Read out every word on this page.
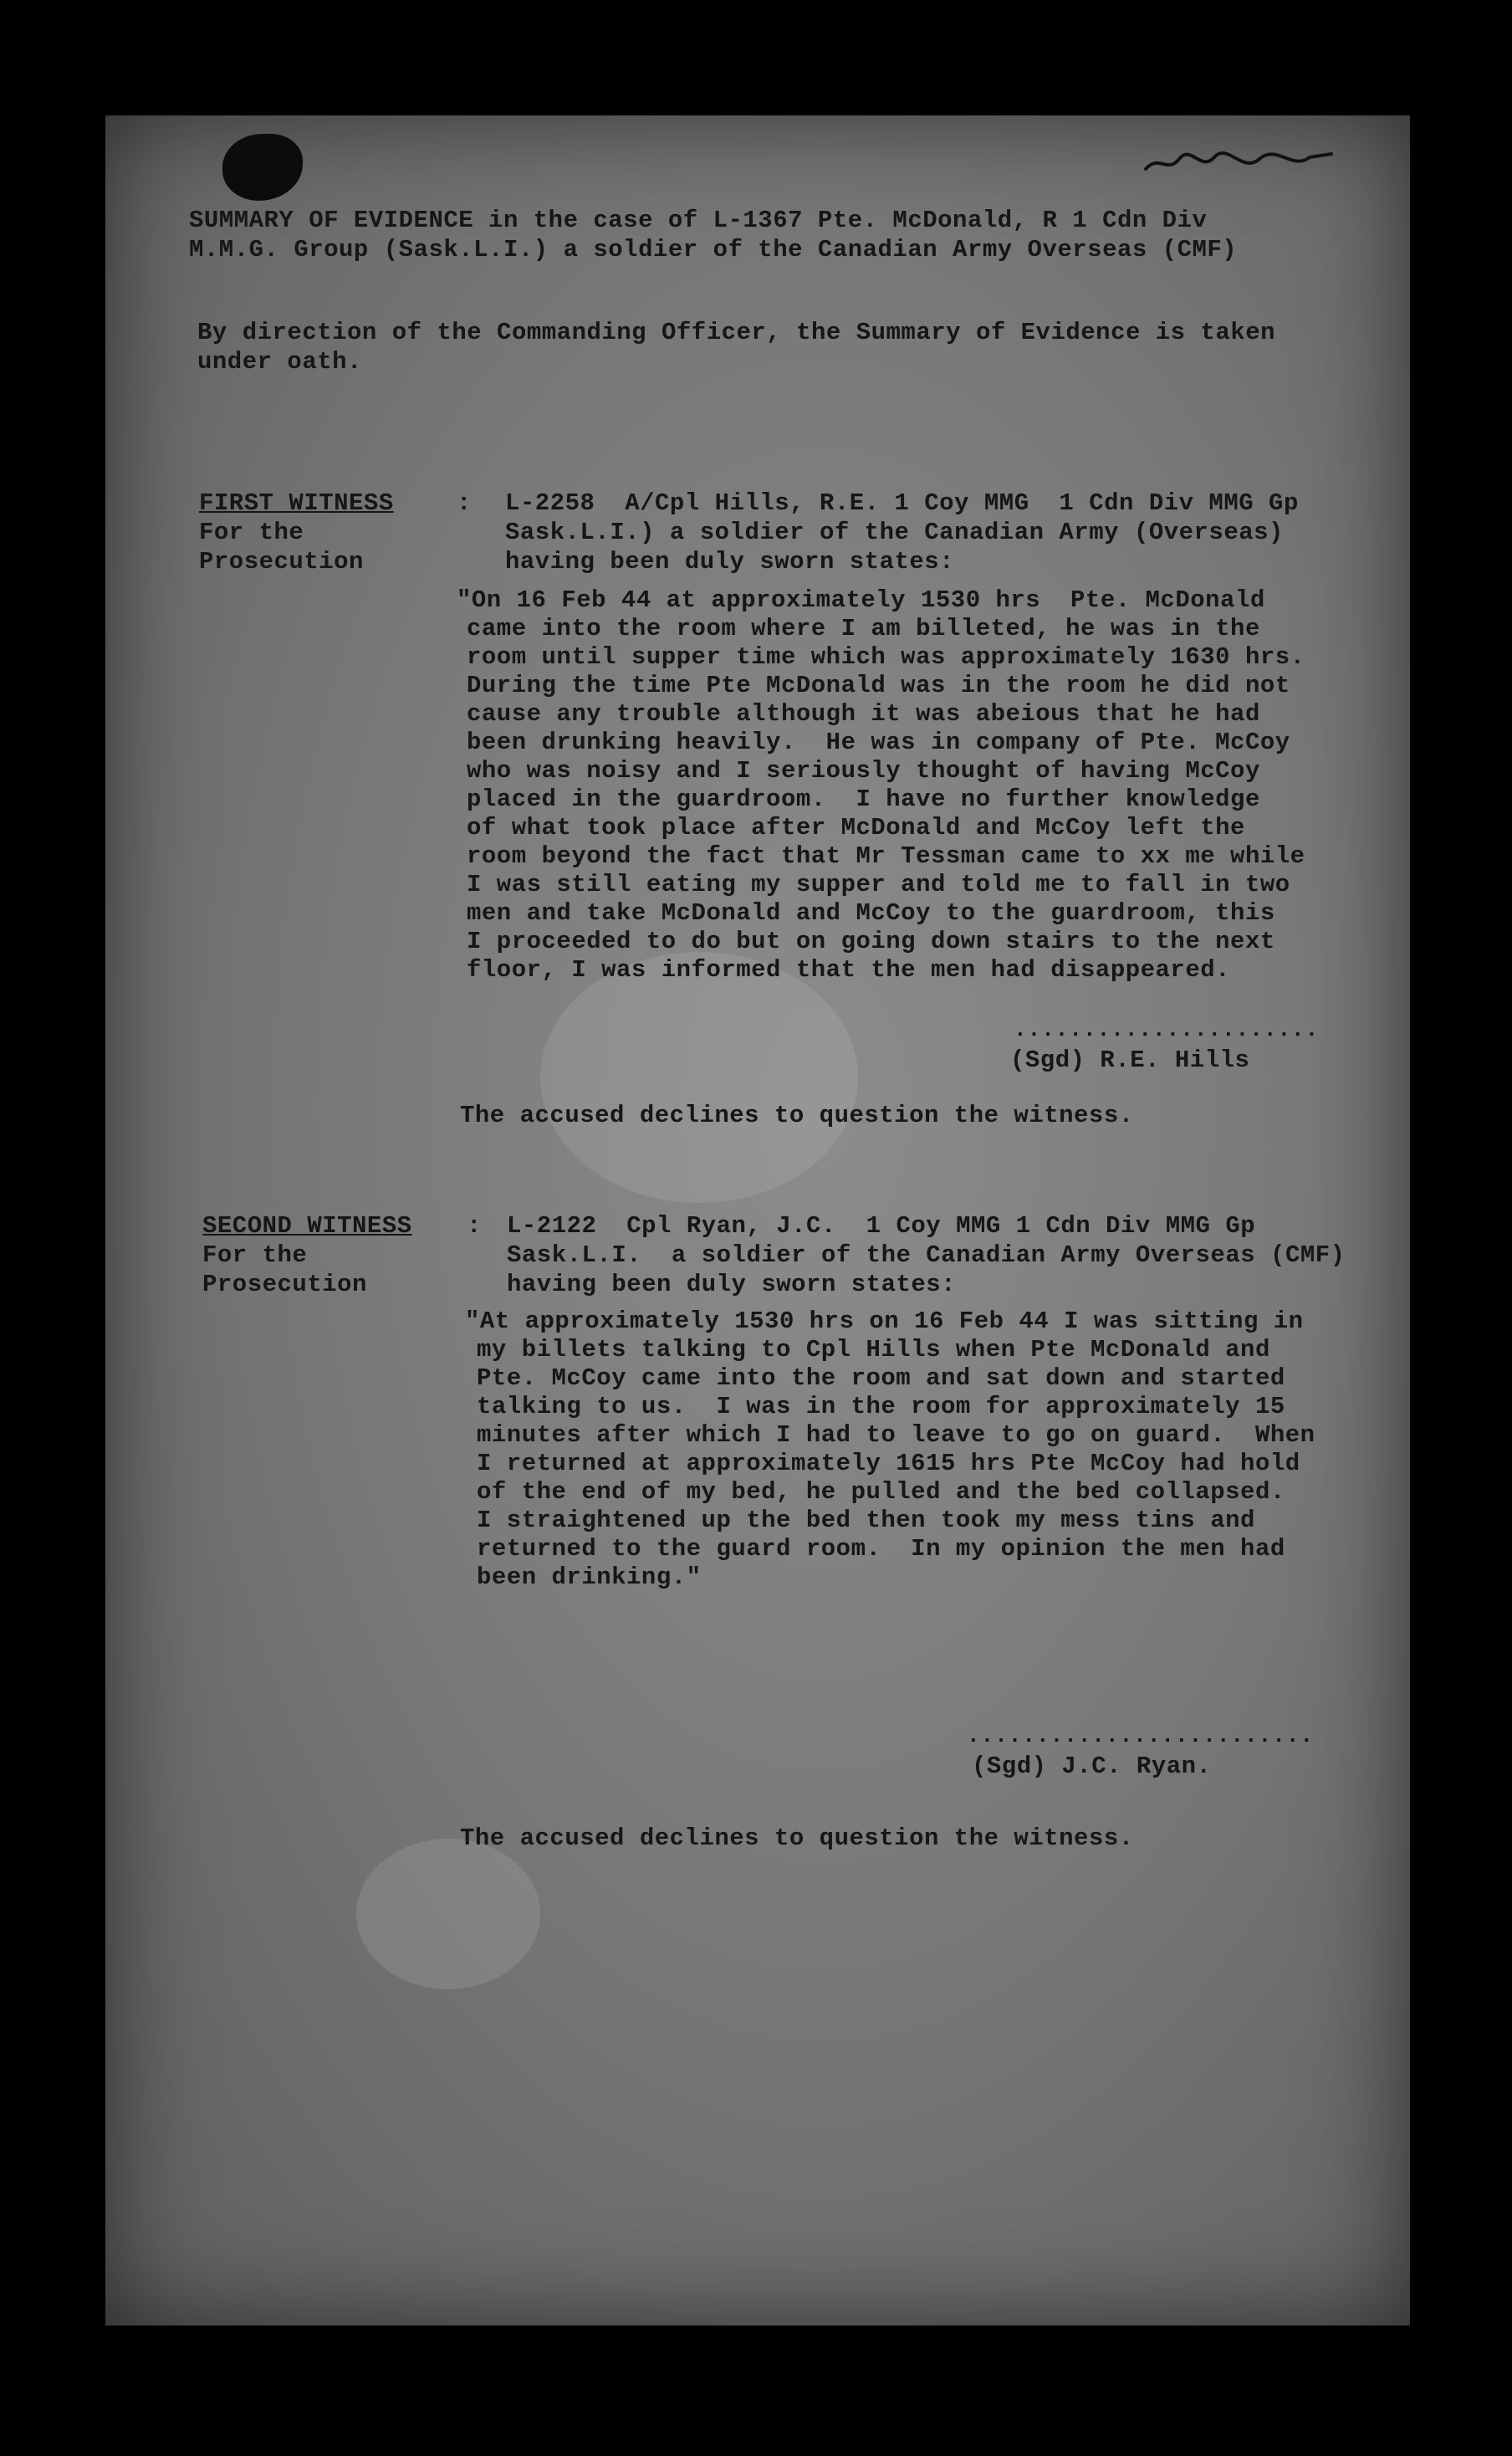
SUMMARY OF EVIDENCE in the case of L-1367 Pte. McDonald, R 1 Cdn Div
M.M.G. Group (Sask.L.I.) a soldier of the Canadian Army Overseas (CMF)
By direction of the Commanding Officer, the Summary of Evidence is taken
under oath.
FIRST WITNESS
For the
Prosecution
: L-2258  A/Cpl Hills, R.E. 1 Coy MMG  1 Cdn Div MMG Gp
Sask.L.I.) a soldier of the Canadian Army (Overseas)
having been duly sworn states:
"On 16 Feb 44 at approximately 1530 hrs  Pte. McDonald
came into the room where I am billeted, he was in the
room until supper time which was approximately 1630 hrs.
During the time Pte McDonald was in the room he did not
cause any trouble although it was abeious that he had
been drunking heavily.  He was in company of Pte. McCoy
who was noisy and I seriously thought of having McCoy
placed in the guardroom.  I have no further knowledge
of what took place after McDonald and McCoy left the
room beyond the fact that Mr Tessman came to xx me while
I was still eating my supper and told me to fall in two
men and take McDonald and McCoy to the guardroom, this
I proceeded to do but on going down stairs to the next
floor, I was informed that the men had disappeared.
......................
(Sgd) R.E. Hills
The accused declines to question the witness.
SECOND WITNESS
For the
Prosecution
: L-2122  Cpl Ryan, J.C.  1 Coy MMG 1 Cdn Div MMG Gp
Sask.L.I.  a soldier of the Canadian Army Overseas (CMF)
having been duly sworn states:
"At approximately 1530 hrs on 16 Feb 44 I was sitting in
my billets talking to Cpl Hills when Pte McDonald and
Pte. McCoy came into the room and sat down and started
talking to us.  I was in the room for approximately 15
minutes after which I had to leave to go on guard.  When
I returned at approximately 1615 hrs Pte McCoy had hold
of the end of my bed, he pulled and the bed collapsed.
I straightened up the bed then took my mess tins and
returned to the guard room.  In my opinion the men had
been drinking."
.........................
(Sgd) J.C. Ryan.
The accused declines to question the witness.
